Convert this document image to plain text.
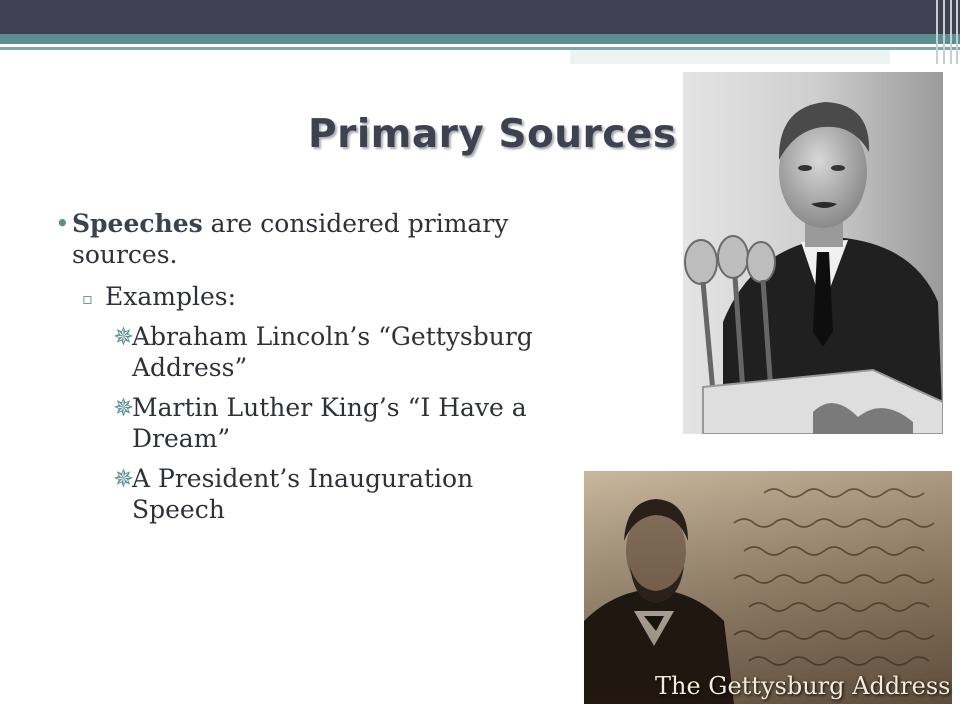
Primary Sources
• Speeches are considered primary sources.
▫ Examples:
✵
Abraham Lincoln’s “Gettysburg Address”
✵
Martin Luther King’s “I Have a Dream”
✵
A President’s Inauguration Speech
The Gettysburg Address
